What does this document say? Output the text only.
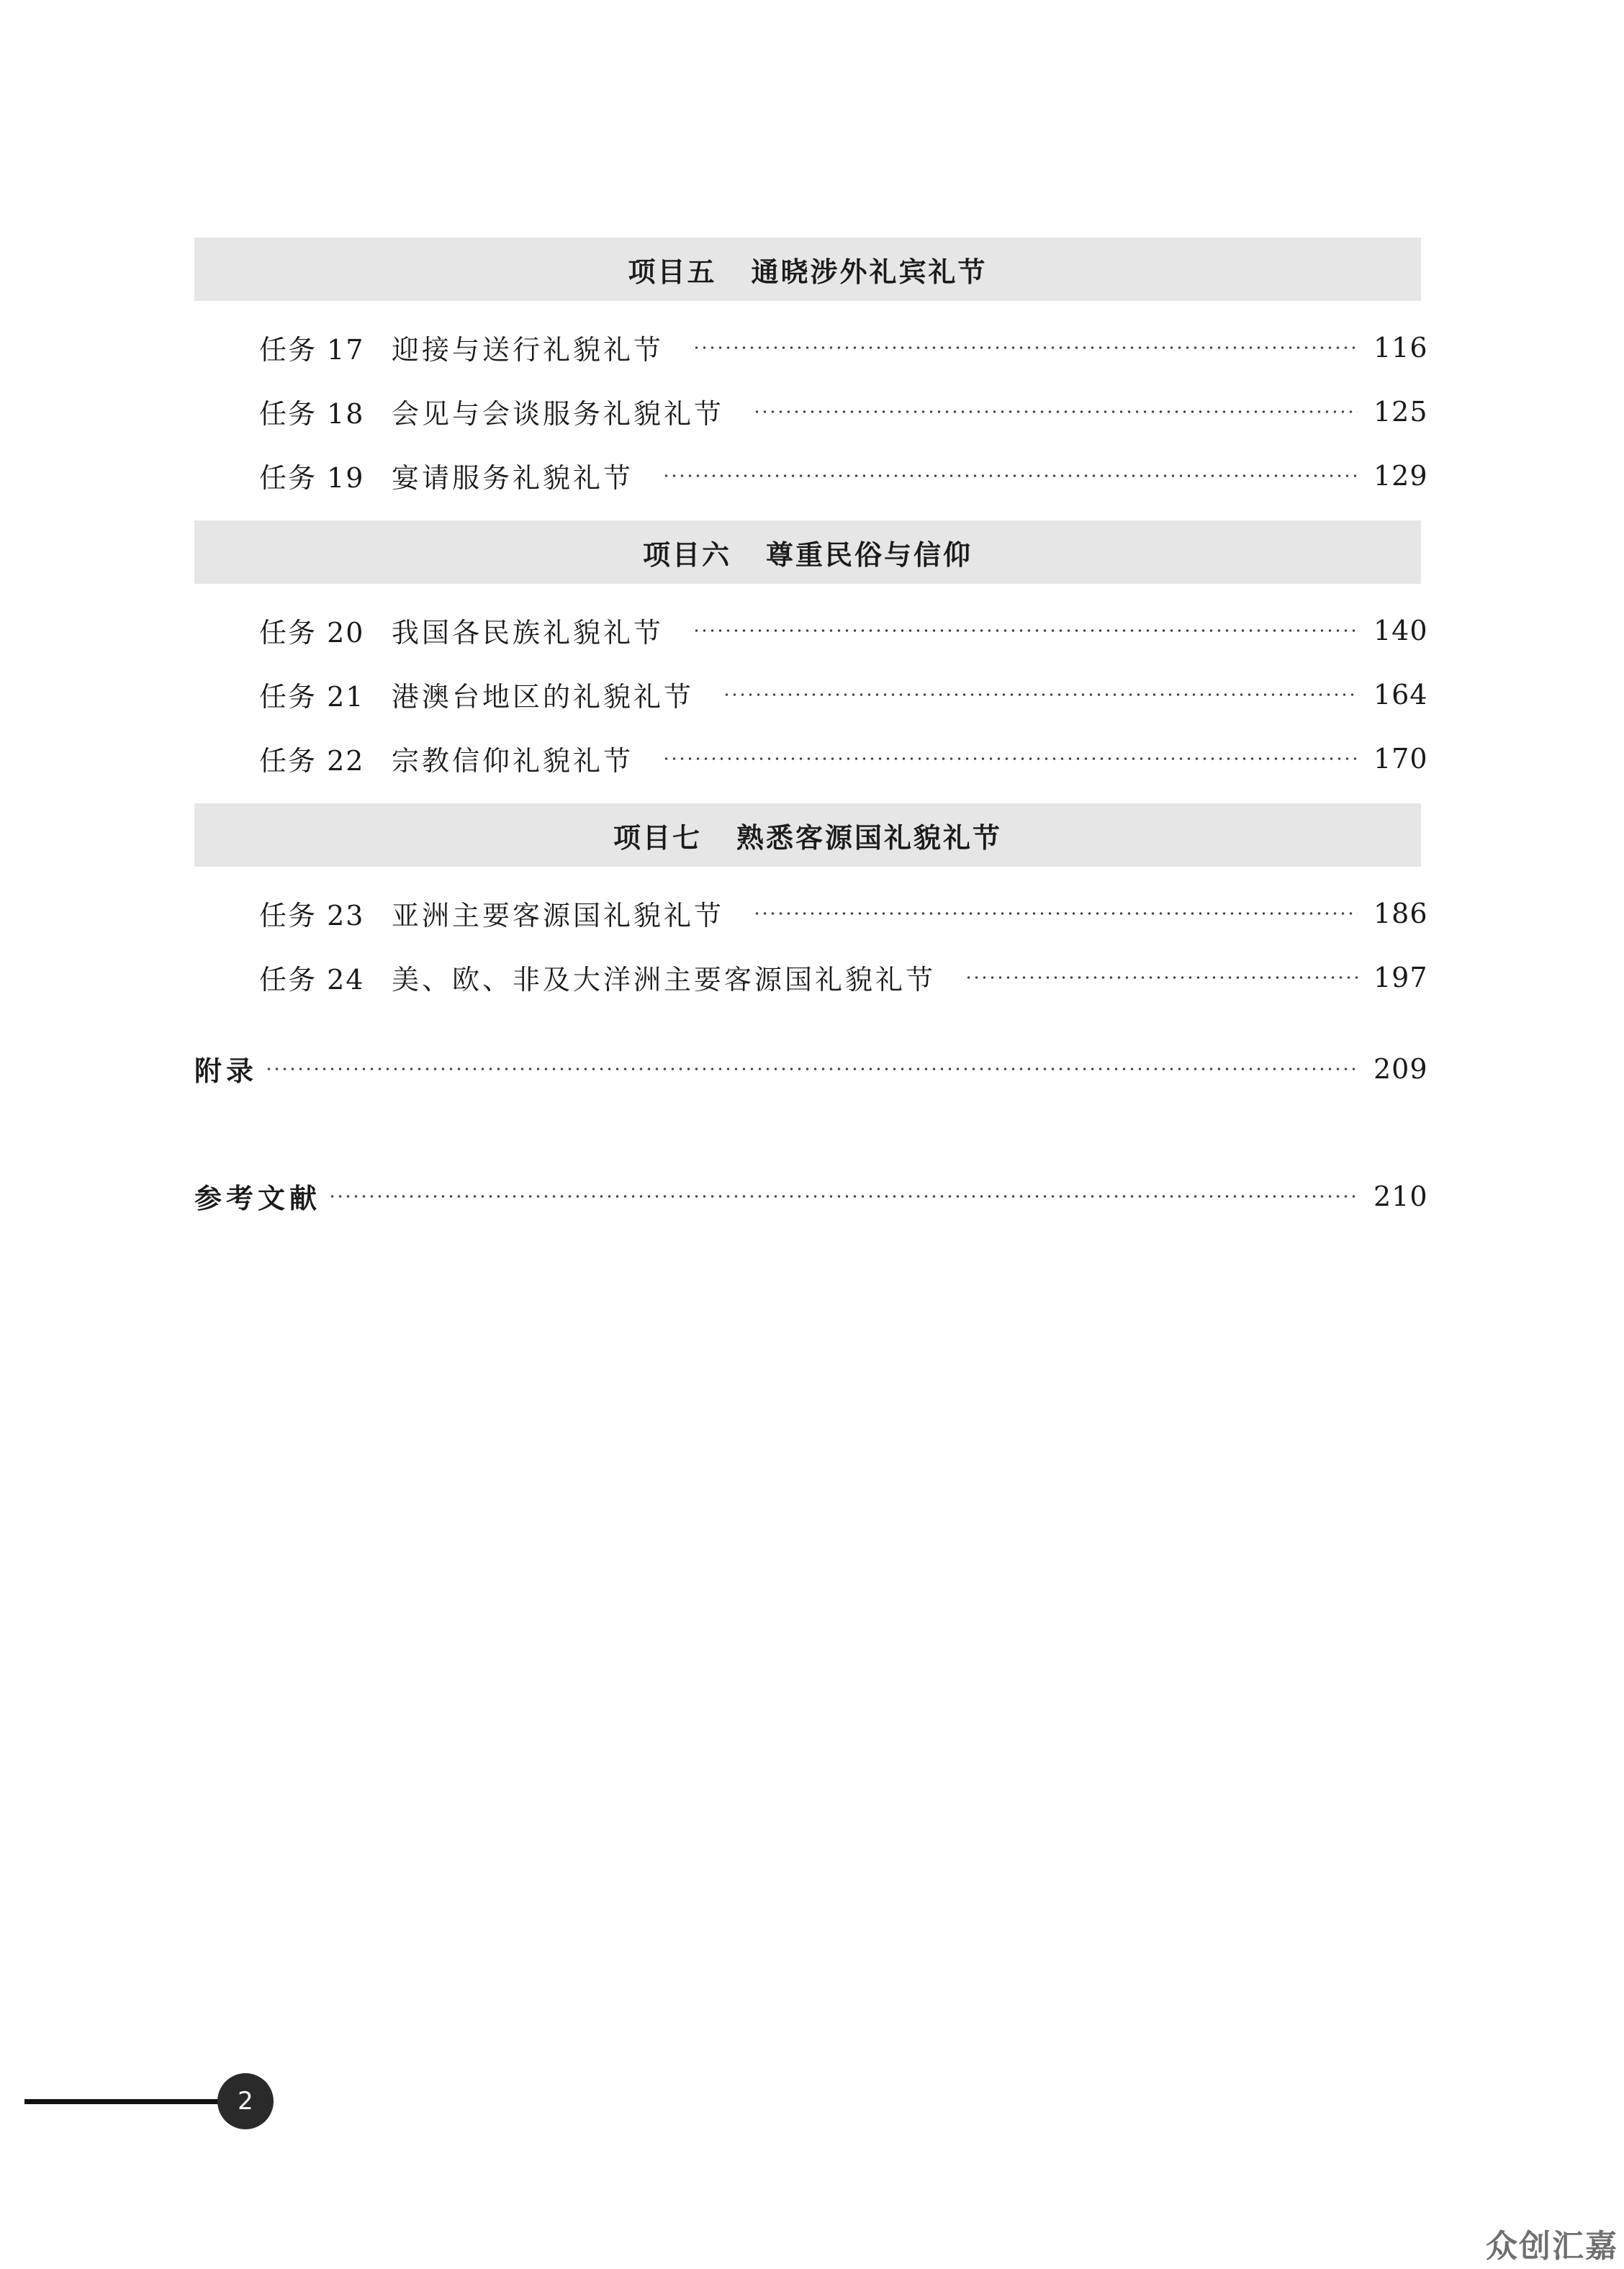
项目五 通晓涉外礼宾礼节
任务 17 迎接与送行礼貌礼节	116
任务 18 会见与会谈服务礼貌礼节	125
任务 19 宴请服务礼貌礼节	129
项目六 尊重民俗与信仰
任务 20 我国各民族礼貌礼节	140
任务 21 港澳台地区的礼貌礼节	164
任务 22 宗教信仰礼貌礼节	170
项目七 熟悉客源国礼貌礼节
任务 23 亚洲主要客源国礼貌礼节	186
任务 24 美、欧、非及大洋洲主要客源国礼貌礼节	197
附录	209
参考文献	210
2
众创汇嘉
